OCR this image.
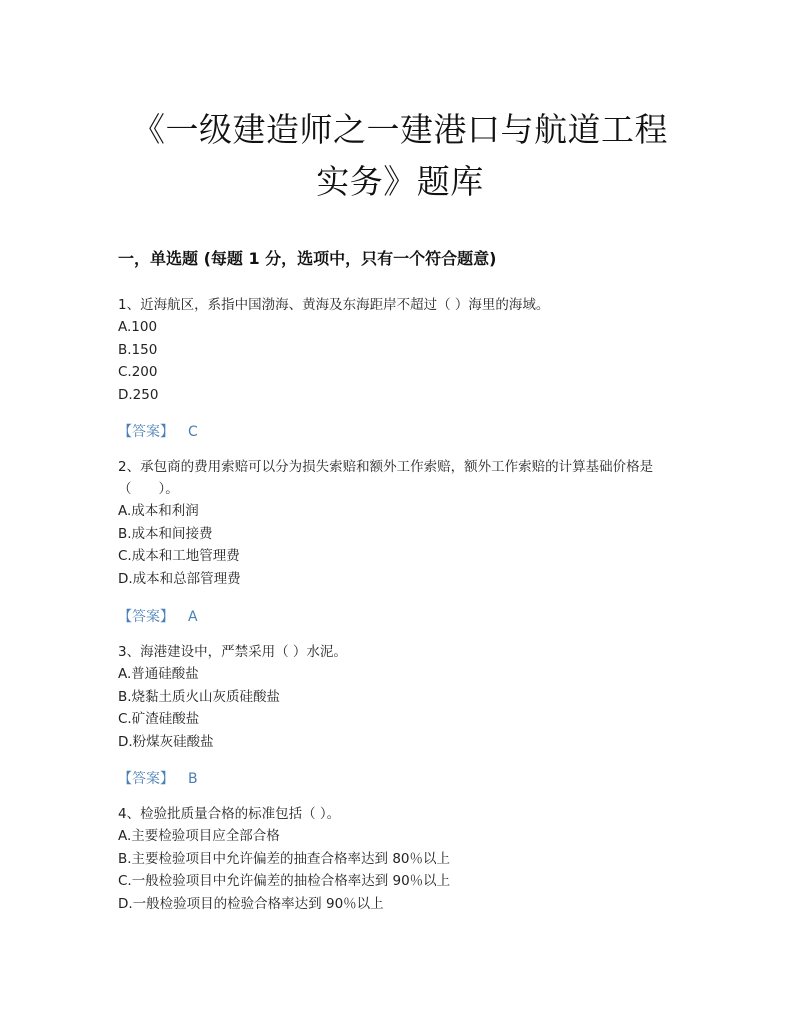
《一级建造师之一建港口与航道工程
实务》题库
一，单选题 (每题 1 分，选项中，只有一个符合题意)

1、近海航区，系指中国渤海、黄海及东海距岸不超过（ ）海里的海域。

A.100

B.150

C.200

D.250

【答案】 C

2、承包商的费用索赔可以分为损失索赔和额外工作索赔，额外工作索赔的计算基础价格是（　　）。

A.成本和利润

B.成本和间接费

C.成本和工地管理费

D.成本和总部管理费

【答案】 A

3、海港建设中，严禁采用（ ）水泥。

A.普通硅酸盐

B.烧黏土质火山灰质硅酸盐

C.矿渣硅酸盐

D.粉煤灰硅酸盐

【答案】 B

4、检验批质量合格的标准包括（ ）。

A.主要检验项目应全部合格

B.主要检验项目中允许偏差的抽查合格率达到 80％以上

C.一般检验项目中允许偏差的抽检合格率达到 90％以上

D.一般检验项目的检验合格率达到 90％以上
